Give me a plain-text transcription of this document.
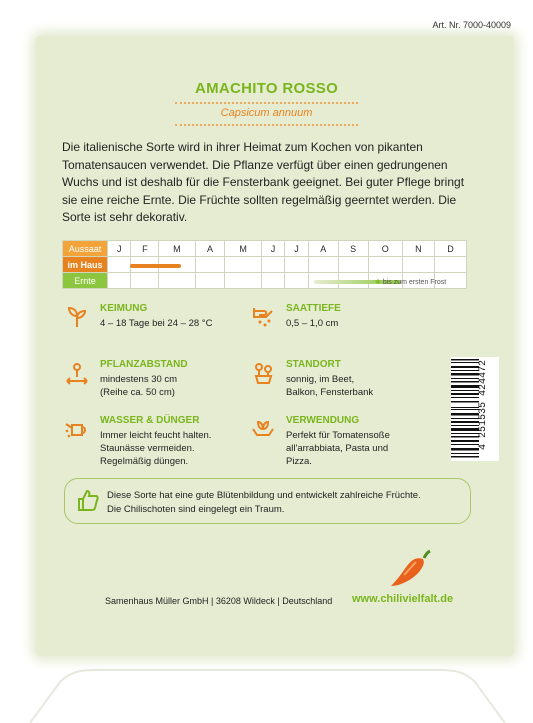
Art. Nr. 7000-40009
AMACHITO ROSSO
Capsicum annuum
Die italienische Sorte wird in ihrer Heimat zum Kochen von pikanten Tomatensaucen verwendet. Die Pflanze verfügt über einen gedrungenen Wuchs und ist deshalb für die Fensterbank geeignet. Bei guter Pflege bringt sie eine reiche Ernte. Die Früchte sollten regelmäßig geerntet werden. Die Sorte ist sehr dekorativ.
Aussaat	J	F	M	A	M	J	J	A	S	O	N	D
im Haus												
Ernte													❀ bis zum ersten Frost
KEIMUNG
4 – 18 Tage bei 24 – 28 °C
SAATTIEFE
0,5 – 1,0 cm
PFLANZABSTAND
mindestens 30 cm
(Reihe ca. 50 cm)
STANDORT
sonnig, im Beet,
Balkon, Fensterbank
WASSER & DÜNGER
Immer leicht feucht halten.
Staunässe vermeiden.
Regelmäßig düngen.
VERWENDUNG
Perfekt für Tomatensoße
all'arrabbiata, Pasta und
Pizza.
4 251535 424472
Diese Sorte hat eine gute Blütenbildung und entwickelt zahlreiche Früchte.
Die Chilischoten sind eingelegt ein Traum.
Samenhaus Müller GmbH | 36208 Wildeck | Deutschland www.chilivielfalt.de
